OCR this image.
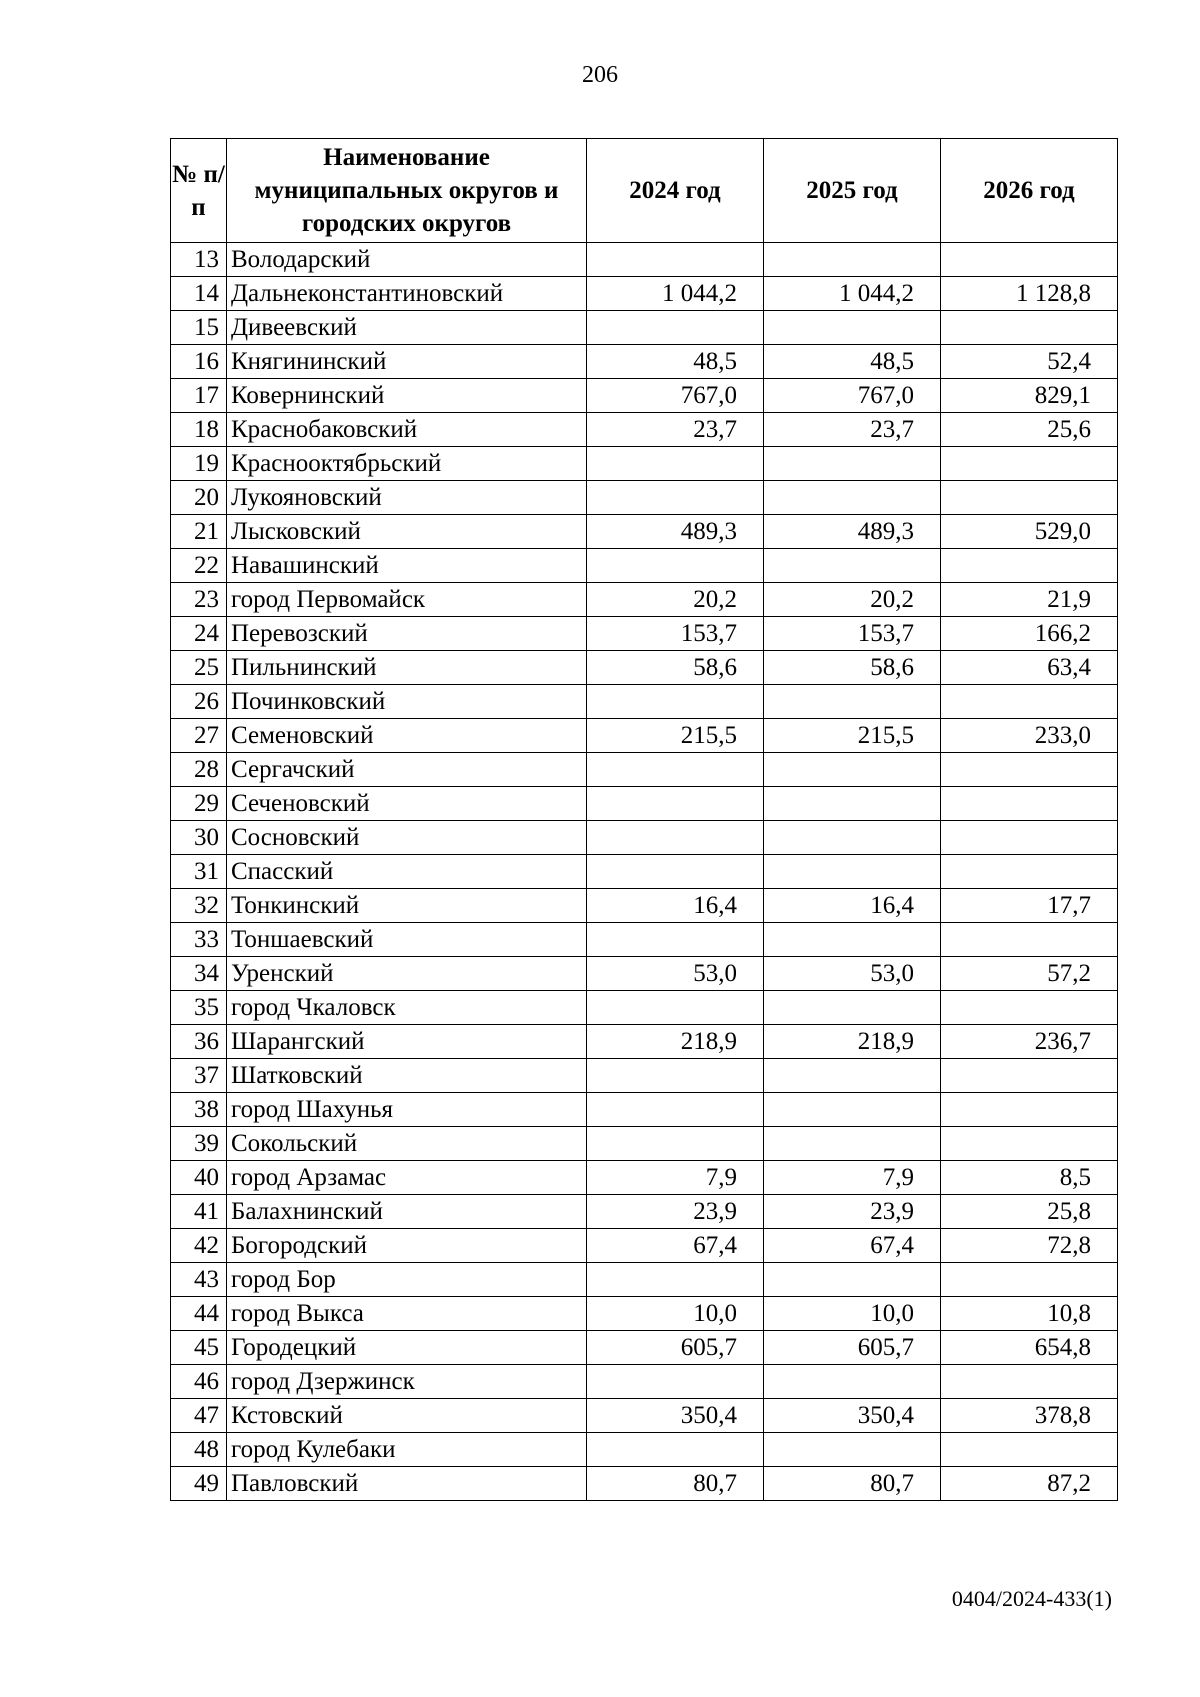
206
№ п/п	Наименование муниципальных округов и городских округов	2024 год	2025 год	2026 год
13	Володарский			
14	Дальнеконстантиновский	1 044,2	1 044,2	1 128,8
15	Дивеевский			
16	Княгининский	48,5	48,5	52,4
17	Ковернинский	767,0	767,0	829,1
18	Краснобаковский	23,7	23,7	25,6
19	Краснооктябрьский			
20	Лукояновский			
21	Лысковский	489,3	489,3	529,0
22	Навашинский			
23	город Первомайск	20,2	20,2	21,9
24	Перевозский	153,7	153,7	166,2
25	Пильнинский	58,6	58,6	63,4
26	Починковский			
27	Семеновский	215,5	215,5	233,0
28	Сергачский			
29	Сеченовский			
30	Сосновский			
31	Спасский			
32	Тонкинский	16,4	16,4	17,7
33	Тоншаевский			
34	Уренский	53,0	53,0	57,2
35	город Чкаловск			
36	Шарангский	218,9	218,9	236,7
37	Шатковский			
38	город Шахунья			
39	Сокольский			
40	город Арзамас	7,9	7,9	8,5
41	Балахнинский	23,9	23,9	25,8
42	Богородский	67,4	67,4	72,8
43	город Бор			
44	город Выкса	10,0	10,0	10,8
45	Городецкий	605,7	605,7	654,8
46	город Дзержинск			
47	Кстовский	350,4	350,4	378,8
48	город Кулебаки			
49	Павловский	80,7	80,7	87,2
0404/2024-433(1)
